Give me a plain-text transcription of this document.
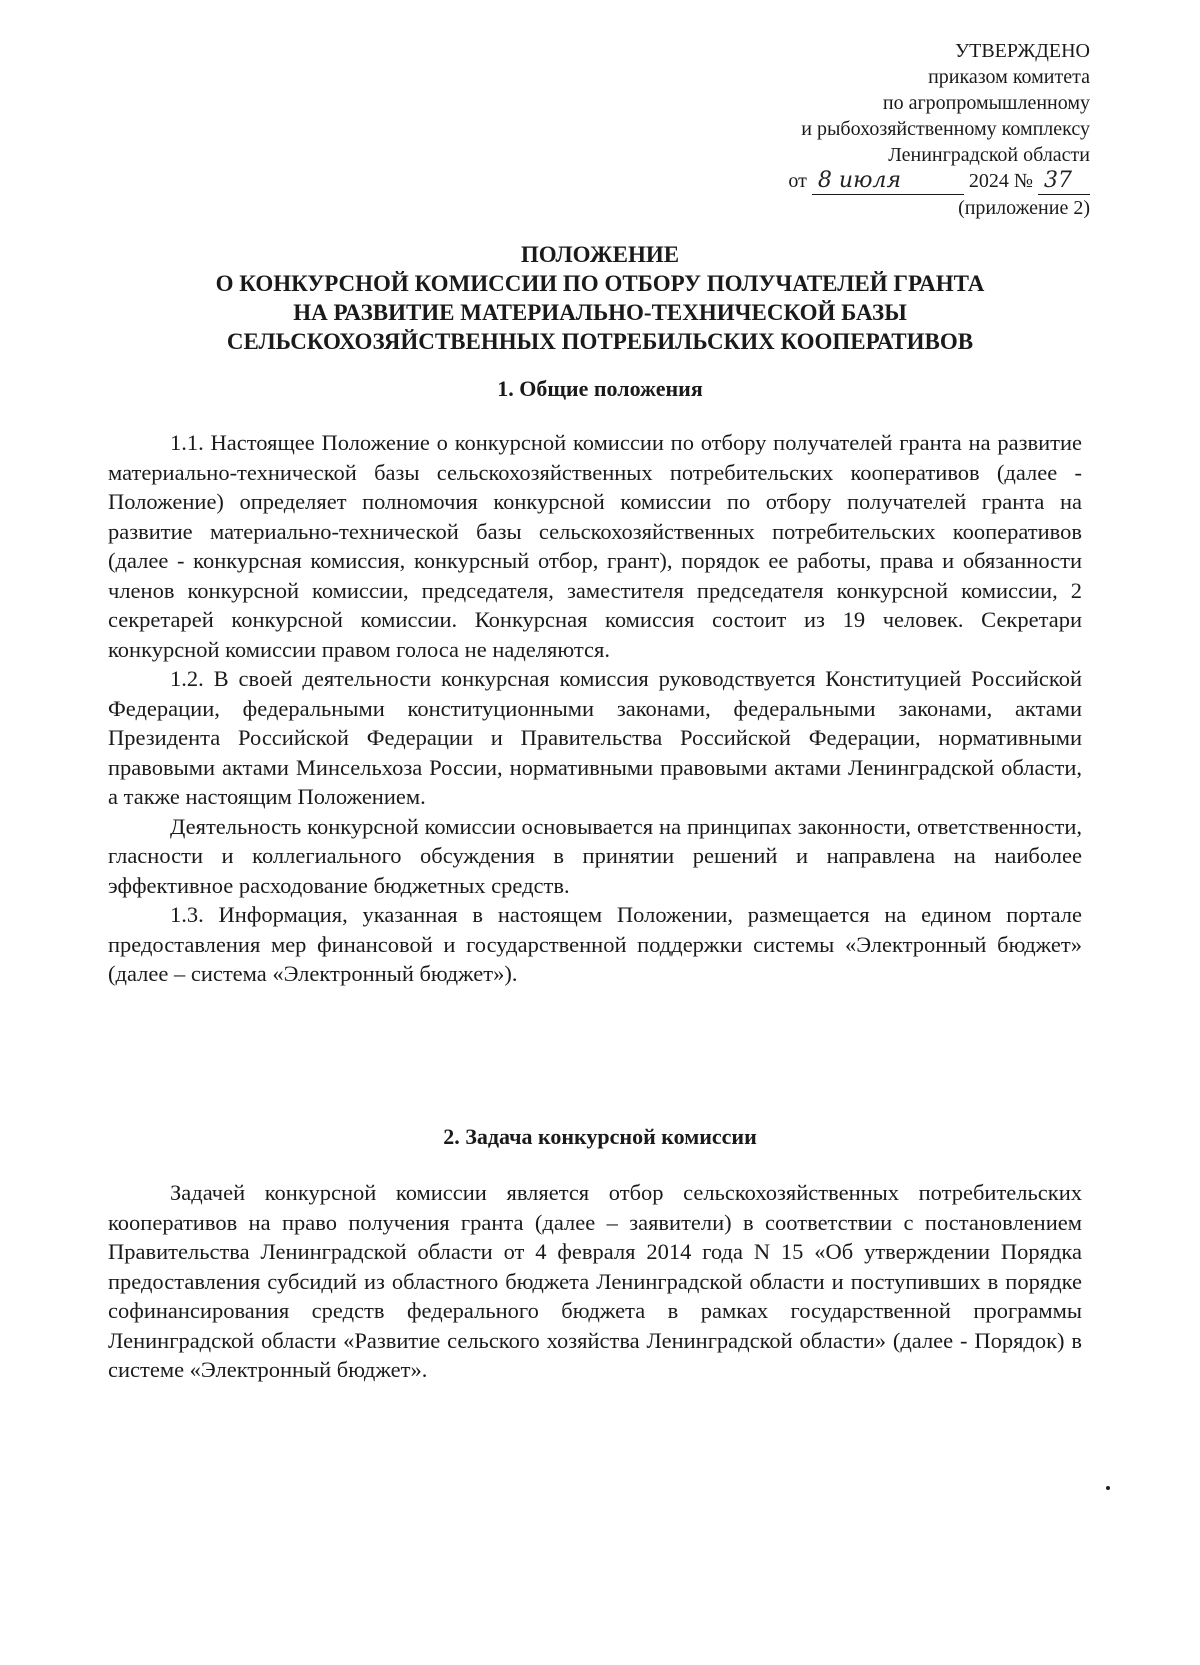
УТВЕРЖДЕНО
приказом комитета
по агропромышленному
и рыбохозяйственному комплексу
Ленинградской области
от 8 июля	2024 № 37
(приложение 2)
ПОЛОЖЕНИЕ
О КОНКУРСНОЙ КОМИССИИ ПО ОТБОРУ ПОЛУЧАТЕЛЕЙ ГРАНТА
НА РАЗВИТИЕ МАТЕРИАЛЬНО-ТЕХНИЧЕСКОЙ БАЗЫ
СЕЛЬСКОХОЗЯЙСТВЕННЫХ ПОТРЕБИЛЬСКИХ КООПЕРАТИВОВ
1. Общие положения

1.1. Настоящее Положение о конкурсной комиссии по отбору получателей гранта на развитие материально-технической базы сельскохозяйственных потребительских кооперативов (далее - Положение) определяет полномочия конкурсной комиссии по отбору получателей гранта на развитие материально-технической базы сельскохозяйственных потребительских кооперативов (далее - конкурсная комиссия, конкурсный отбор, грант), порядок ее работы, права и обязанности членов конкурсной комиссии, председателя, заместителя председателя конкурсной комиссии, 2 секретарей конкурсной комиссии. Конкурсная комиссия состоит из 19 человек. Секретари конкурсной комиссии правом голоса не наделяются.

1.2. В своей деятельности конкурсная комиссия руководствуется Конституцией Российской Федерации, федеральными конституционными законами, федеральными законами, актами Президента Российской Федерации и Правительства Российской Федерации, нормативными правовыми актами Минсельхоза России, нормативными правовыми актами Ленинградской области, а также настоящим Положением.

Деятельность конкурсной комиссии основывается на принципах законности, ответственности, гласности и коллегиального обсуждения в принятии решений и направлена на наиболее эффективное расходование бюджетных средств.

1.3. Информация, указанная в настоящем Положении, размещается на едином портале предоставления мер финансовой и государственной поддержки системы «Электронный бюджет» (далее – система «Электронный бюджет»).

2. Задача конкурсной комиссии

Задачей конкурсной комиссии является отбор сельскохозяйственных потребительских кооперативов на право получения гранта (далее – заявители) в соответствии с постановлением Правительства Ленинградской области от 4 февраля 2014 года N 15 «Об утверждении Порядка предоставления субсидий из областного бюджета Ленинградской области и поступивших в порядке софинансирования средств федерального бюджета в рамках государственной программы Ленинградской области «Развитие сельского хозяйства Ленинградской области» (далее - Порядок) в системе «Электронный бюджет».
